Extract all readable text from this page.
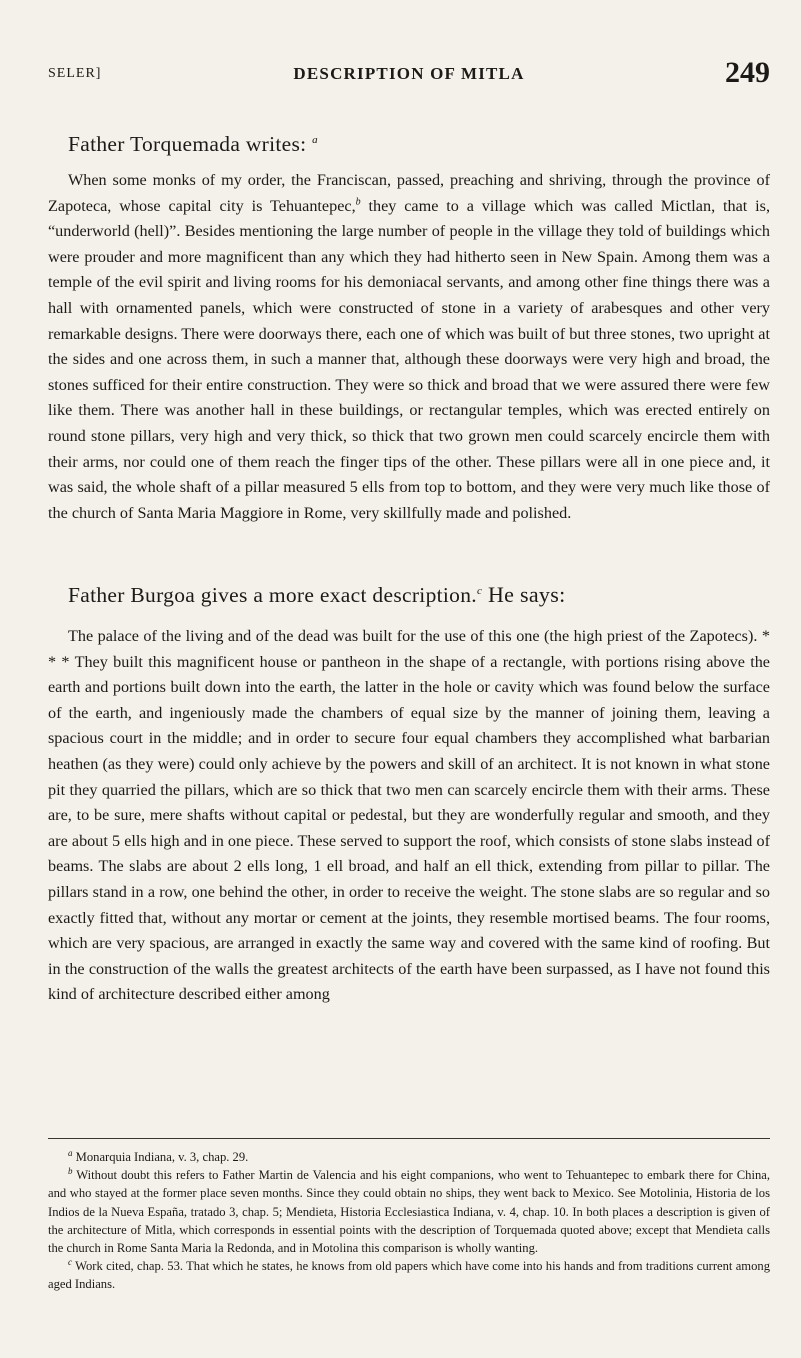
SELER]	DESCRIPTION OF MITLA	249
Father Torquemada writes: $^a$

When some monks of my order, the Franciscan, passed, preaching and shriving, through the province of Zapoteca, whose capital city is Tehuantepec,$^b$ they came to a village which was called Mictlan, that is, “underworld (hell)”. Besides mentioning the large number of people in the village they told of buildings which were prouder and more magnificent than any which they had hitherto seen in New Spain. Among them was a temple of the evil spirit and living rooms for his demoniacal servants, and among other fine things there was a hall with ornamented panels, which were constructed of stone in a variety of arabesques and other very remarkable designs. There were doorways there, each one of which was built of but three stones, two upright at the sides and one across them, in such a manner that, although these doorways were very high and broad, the stones sufficed for their entire construction. They were so thick and broad that we were assured there were few like them. There was another hall in these buildings, or rectangular temples, which was erected entirely on round stone pillars, very high and very thick, so thick that two grown men could scarcely encircle them with their arms, nor could one of them reach the finger tips of the other. These pillars were all in one piece and, it was said, the whole shaft of a pillar measured 5 ells from top to bottom, and they were very much like those of the church of Santa Maria Maggiore in Rome, very skillfully made and polished.

Father Burgoa gives a more exact description.$^c$ He says:

The palace of the living and of the dead was built for the use of this one (the high priest of the Zapotecs). * * * They built this magnificent house or pantheon in the shape of a rectangle, with portions rising above the earth and portions built down into the earth, the latter in the hole or cavity which was found below the surface of the earth, and ingeniously made the chambers of equal size by the manner of joining them, leaving a spacious court in the middle; and in order to secure four equal chambers they accomplished what barbarian heathen (as they were) could only achieve by the powers and skill of an architect. It is not known in what stone pit they quarried the pillars, which are so thick that two men can scarcely encircle them with their arms. These are, to be sure, mere shafts without capital or pedestal, but they are wonderfully regular and smooth, and they are about 5 ells high and in one piece. These served to support the roof, which consists of stone slabs instead of beams. The slabs are about 2 ells long, 1 ell broad, and half an ell thick, extending from pillar to pillar. The pillars stand in a row, one behind the other, in order to receive the weight. The stone slabs are so regular and so exactly fitted that, without any mortar or cement at the joints, they resemble mortised beams. The four rooms, which are very spacious, are arranged in exactly the same way and covered with the same kind of roofing. But in the construction of the walls the greatest architects of the earth have been surpassed, as I have not found this kind of architecture described either among

$^a$ Monarquia Indiana, v. 3, chap. 29.

$^b$ Without doubt this refers to Father Martin de Valencia and his eight companions, who went to Tehuantepec to embark there for China, and who stayed at the former place seven months. Since they could obtain no ships, they went back to Mexico. See Motolinia, Historia de los Indios de la Nueva España, tratado 3, chap. 5; Mendieta, Historia Ecclesiastica Indiana, v. 4, chap. 10. In both places a description is given of the architecture of Mitla, which corresponds in essential points with the description of Torquemada quoted above; except that Mendieta calls the church in Rome Santa Maria la Redonda, and in Motolina this comparison is wholly wanting.

$^c$ Work cited, chap. 53. That which he states, he knows from old papers which have come into his hands and from traditions current among aged Indians.
